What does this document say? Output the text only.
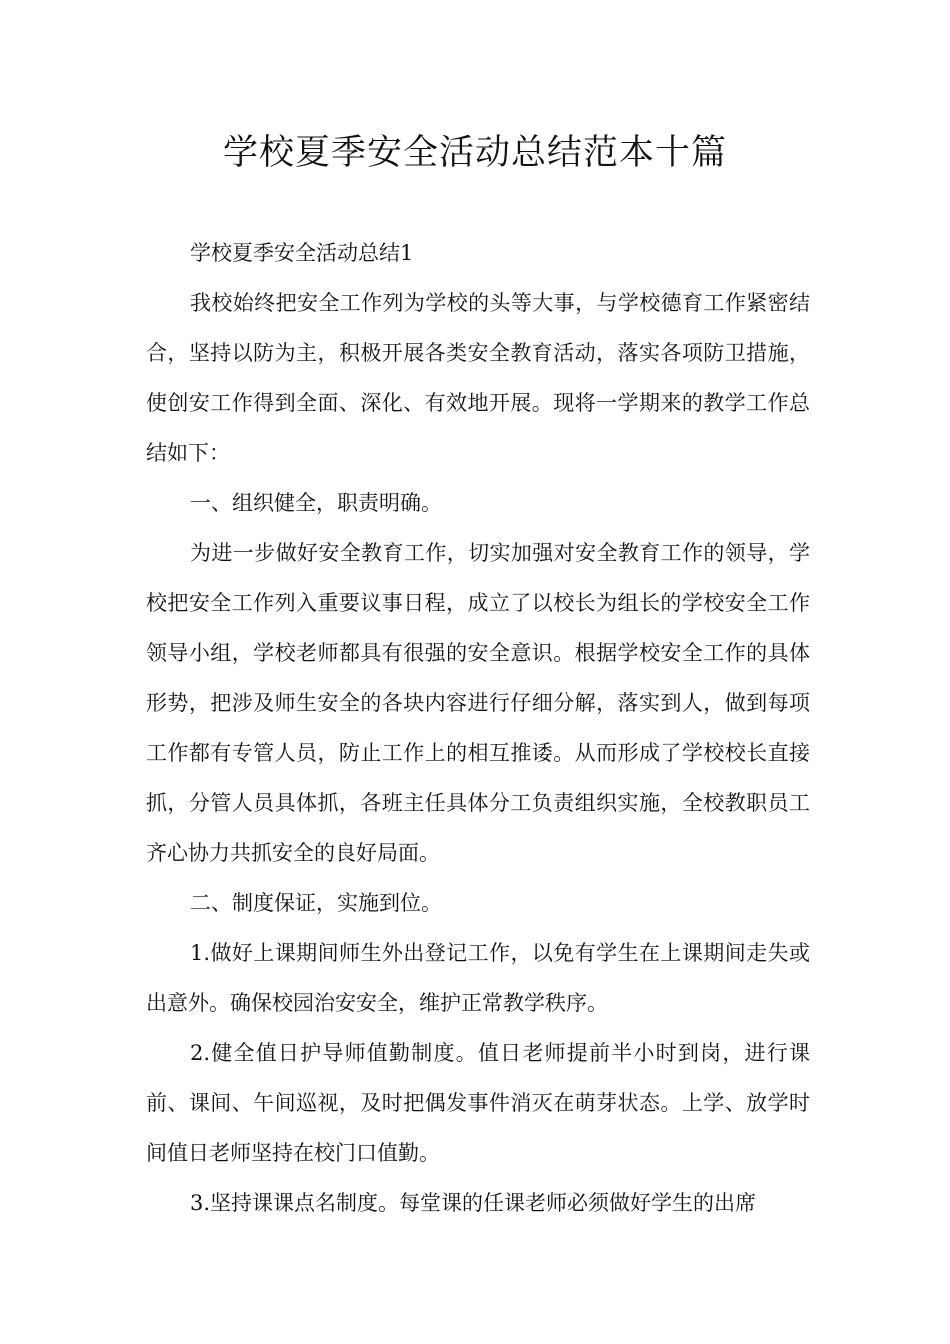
学校夏季安全活动总结范本十篇

学校夏季安全活动总结1

我校始终把安全工作列为学校的头等大事，与学校德育工作紧密结合，坚持以防为主，积极开展各类安全教育活动，落实各项防卫措施，使创安工作得到全面、深化、有效地开展。现将一学期来的教学工作总结如下：

一、组织健全，职责明确。

为进一步做好安全教育工作，切实加强对安全教育工作的领导，学校把安全工作列入重要议事日程，成立了以校长为组长的学校安全工作领导小组，学校老师都具有很强的安全意识。根据学校安全工作的具体形势，把涉及师生安全的各块内容进行仔细分解，落实到人，做到每项工作都有专管人员，防止工作上的相互推诿。从而形成了学校校长直接抓，分管人员具体抓，各班主任具体分工负责组织实施，全校教职员工齐心协力共抓安全的良好局面。

二、制度保证，实施到位。

1.做好上课期间师生外出登记工作，以免有学生在上课期间走失或出意外。确保校园治安安全，维护正常教学秩序。

2.健全值日护导师值勤制度。值日老师提前半小时到岗，进行课前、课间、午间巡视，及时把偶发事件消灭在萌芽状态。上学、放学时间值日老师坚持在校门口值勤。

3.坚持课课点名制度。每堂课的任课老师必须做好学生的出席
